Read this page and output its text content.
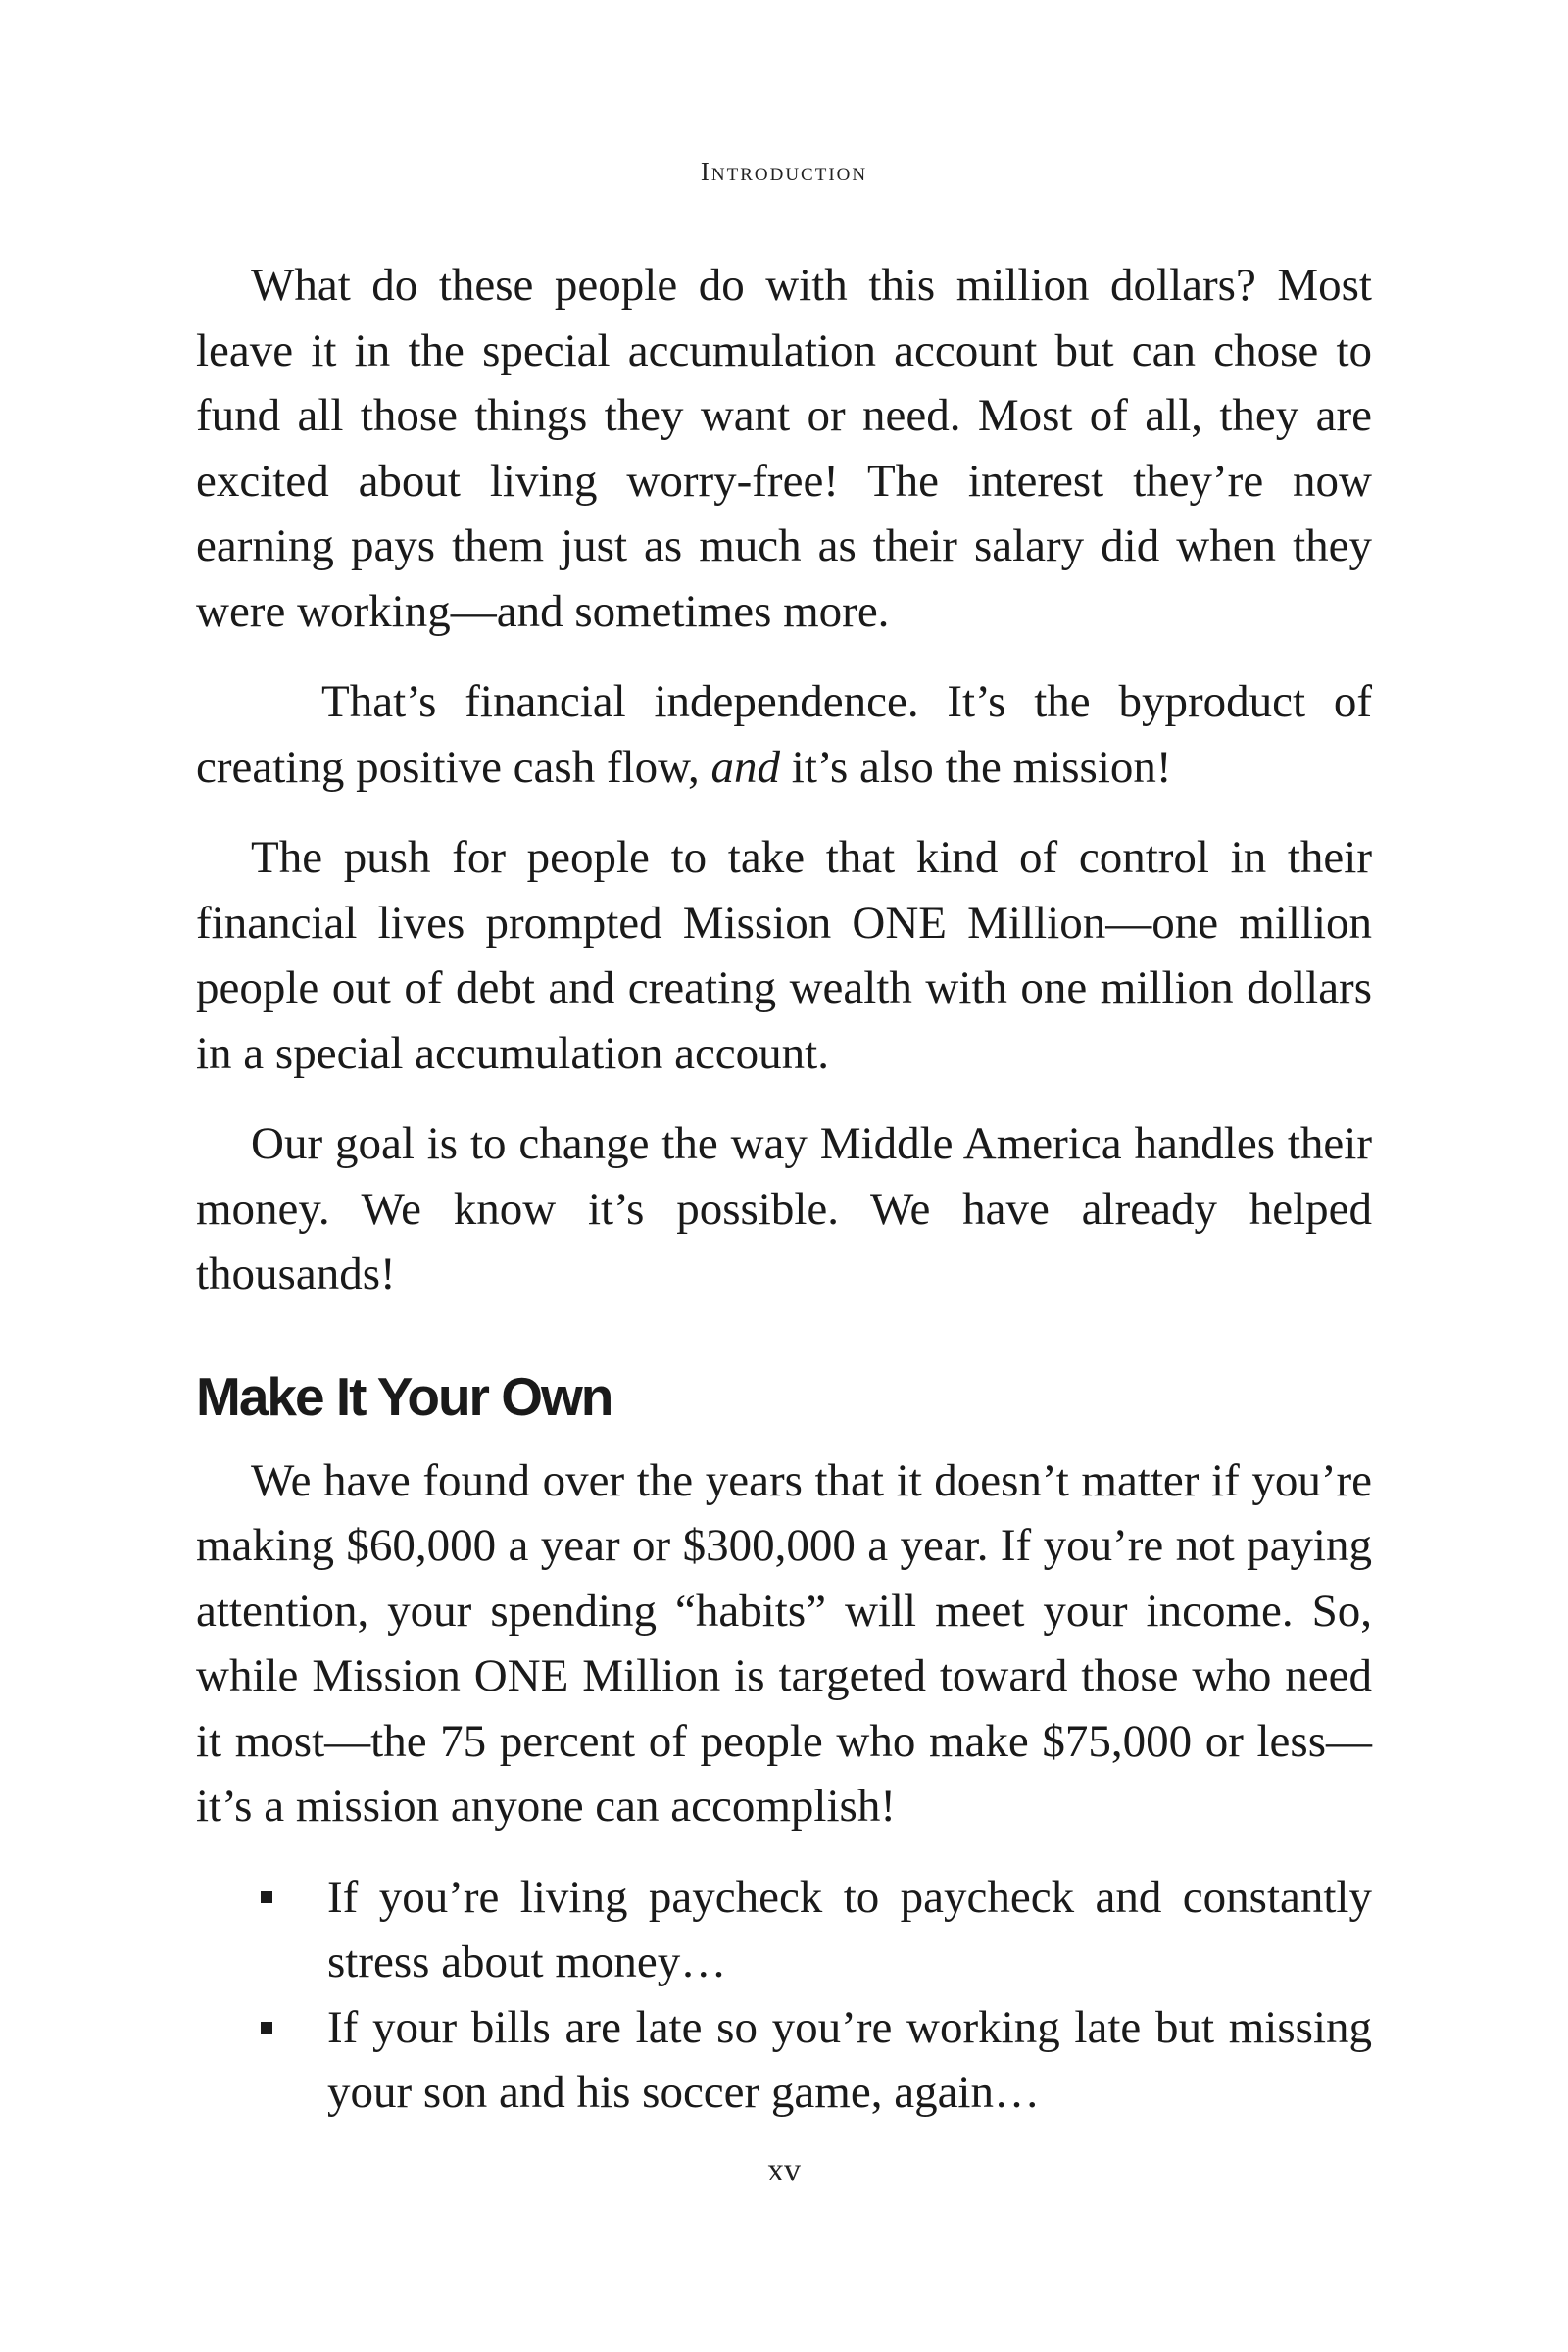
Introduction

What do these people do with this million dollars? Most leave it in the special accumulation account but can chose to fund all those things they want or need. Most of all, they are excited about living worry-free! The interest they’re now earning pays them just as much as their salary did when they were working—and sometimes more.

That’s financial independence. It’s the byproduct of creating positive cash flow, and it’s also the mission!

The push for people to take that kind of control in their financial lives prompted Mission ONE Million—one million people out of debt and creating wealth with one million dollars in a special accumulation account.

Our goal is to change the way Middle America handles their money. We know it’s possible. We have already helped thousands!

Make It Your Own

We have found over the years that it doesn’t matter if you’re making $60,000 a year or $300,000 a year. If you’re not paying attention, your spending “habits” will meet your income. So, while Mission ONE Million is targeted toward those who need it most—the 75 percent of people who make $75,000 or less—it’s a mission anyone can accomplish!

If you’re living paycheck to paycheck and constantly stress about money…
If your bills are late so you’re working late but missing your son and his soccer game, again…
xv
